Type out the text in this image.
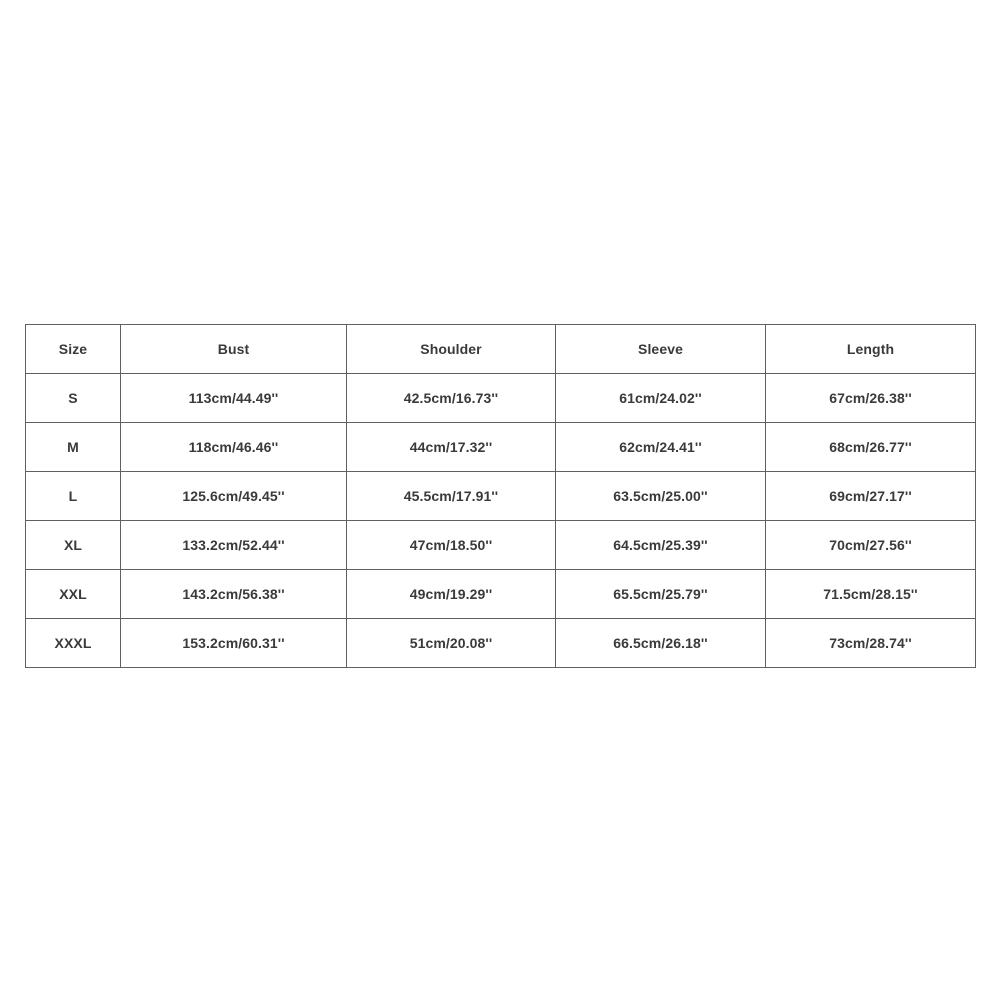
Size	Bust	Shoulder	Sleeve	Length
S	113cm/44.49''	42.5cm/16.73''	61cm/24.02''	67cm/26.38''
M	118cm/46.46''	44cm/17.32''	62cm/24.41''	68cm/26.77''
L	125.6cm/49.45''	45.5cm/17.91''	63.5cm/25.00''	69cm/27.17''
XL	133.2cm/52.44''	47cm/18.50''	64.5cm/25.39''	70cm/27.56''
XXL	143.2cm/56.38''	49cm/19.29''	65.5cm/25.79''	71.5cm/28.15''
XXXL	153.2cm/60.31''	51cm/20.08''	66.5cm/26.18''	73cm/28.74''
